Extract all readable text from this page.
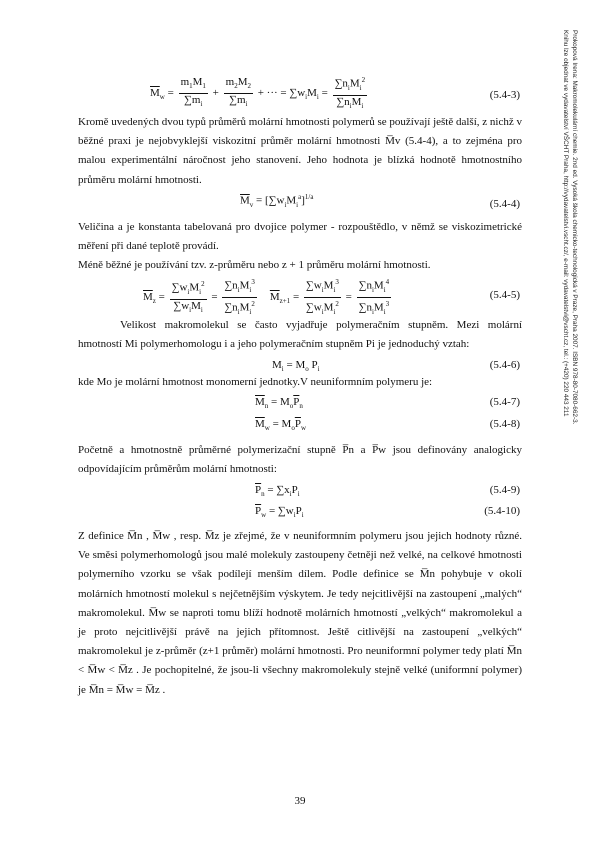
Prokopová Irena: Makromolekulární chemie. 2nd ed. Vysoká škola chemicko-technologická v Praze, Praha 2007. ISBN 978-80-7080-662-3.
Knihu lze objednat ve vydavatelství VŠCHT Praha, http://vydavatelstvi.vscht.cz/, e-mail: vydavatelstvi@vscht.cz, tel.: (+420) 220 443 211
$\overline{M}_w = \frac{m_1M_1}{\sum m_i} + \frac{m_2M_2}{\sum m_i}$ + ··· = $\sum w_iM_i = \frac{\sum n_iM_i^2}{\sum n_iM_i}$	(5.4-3)

Kromě uvedených dvou typů průměrů molární hmotnosti polymerů se používají ještě další, z nichž v běžné praxi je nejobvyklejší viskozitní průměr molární hmotnosti M̅v (5.4-4), a to zejména pro malou experimentální náročnost jeho stanovení. Jeho hodnota je blízká hodnotě hmotnostního průměru molární hmotnosti.

$\overline{M}_v = [\sum w_iM_i^a]^{1/a}$
(5.4-4)

Veličina a je konstanta tabelovaná pro dvojice polymer - rozpouštědlo, v němž se viskozimetrické měření při dané teplotě provádí.

Méně běžné je používání tzv. z-průměru nebo z + 1 průměru molární hmotnosti.
$\overline{M}_z = \frac{\sum w_iM_i^2}{\sum w_iM_i} = \frac{\sum n_iM_i^3}{\sum n_iM_i^2} \overline{M}_{z+1} = \frac{\sum w_iM_i^3}{\sum w_iM_i^2} = \frac{\sum n_iM_i^4}{\sum n_iM_i^3}$	(5.4-5)

Velikost makromolekul se často vyjadřuje polymeračním stupněm. Mezi molární hmotností Mi polymerhomologu i a jeho polymeračním stupněm Pi je jednoduchý vztah:

$M_i = M_o$ $P_i$	(5.4-6)
kde Mo je molární hmotnost monomerní jednotky.V neuniformním polymeru je:
$\overline{M}_n = M_o\overline{P}_n$	(5.4-7)
$\overline{M}_w = M_o\overline{P}_w$	(5.4-8)

Početně a hmotnostně průměrné polymerizační stupně P̅n a P̅w jsou definovány analogicky odpovídajícím průměrům molární hmotnosti:

$\overline{P}_n = \sum x_iP_i$	(5.4-9)
$\overline{P}_w = \sum w_iP_i$	(5.4-10)

Z definice M̅n , M̅w , resp. M̅z je zřejmé, že v neuniformním polymeru jsou jejich hodnoty různé. Ve směsi polymerhomologů jsou malé molekuly zastoupeny četněji než velké, na celkové hmotnosti polymerního vzorku se však podílejí menším dílem. Podle definice se M̅n pohybuje v okolí molárních hmotností molekul s nejčetnějším výskytem. Je tedy nejcitlivější na zastoupení „malých“ makromolekul. M̅w se naproti tomu blíží hodnotě molárních hmotností „velkých“ makromolekul a je proto nejcitlivější právě na jejich přítomnost. Ještě citlivější na zastoupení „velkých“ makromolekul je z-průměr (z+1 průměr) molární hmotnosti. Pro neuniformní polymer tedy platí M̅n < M̅w < M̅z . Je pochopitelné, že jsou-li všechny makromolekuly stejně velké (uniformní polymer) je M̅n = M̅w = M̅z .

39
